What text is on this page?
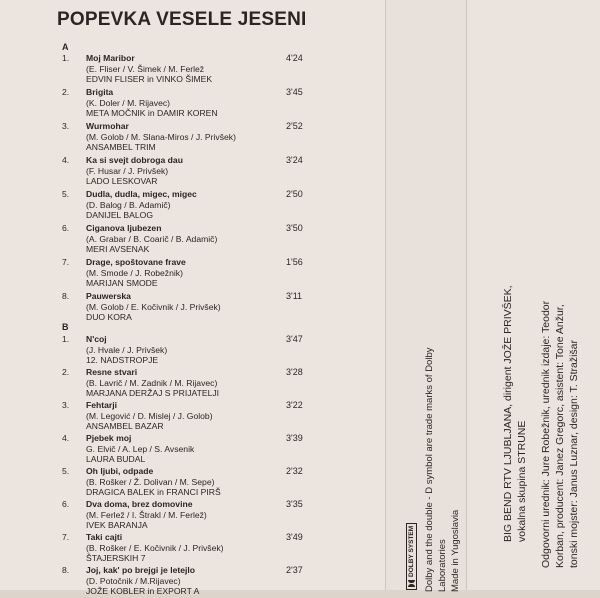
POPEVKA VESELE JESENI
A
1. Moj Maribor
(E. Fliser / V. Šimek / M. Ferlež
EDVIN FLISER in VINKO ŠIMEK
4'24
2. Brigita
(K. Doler / M. Rijavec)
META MOČNIK in DAMIR KOREN
3'45
3. Wurmohar
(M. Golob / M. Slana-Miros / J. Privšek)
ANSAMBEL TRIM
2'52
4. Ka si svejt dobroga dau
(F. Husar / J. Privšek)
LADO LESKOVAR
3'24
5. Dudla, dudla, migec, migec
(D. Balog / B. Adamič)
DANIJEL BALOG
2'50
6. Ciganova ljubezen
(A. Grabar / B. Coarič / B. Adamič)
MERI AVSENAK
3'50
7. Drage, spoštovane frave
(M. Smode / J. Robežnik)
MARIJAN SMODE
1'56
8. Pauwerska
(M. Golob / E. Kočivnik / J. Privšek)
DUO KORA
3'11
B
1. N'coj
(J. Hvale / J. Privšek)
12. NADSTROPJE
3'47
2. Resne stvari
(B. Lavrič / M. Zadnik / M. Rijavec)
MARJANA DERŽAJ S PRIJATELJI
3'28
3. Fehtarji
(M. Legović / D. Mislej / J. Golob)
ANSAMBEL BAZAR
3'22
4. Pjebek moj
G. Elvič / A. Lep / S. Avsenik
LAURA BUDAL
3'39
5. Oh ljubi, odpade
(B. Rošker / Ž. Dolivan / M. Sepe)
DRAGICA BALEK in FRANCI PIRŠ
2'32
6. Dva doma, brez domovine
(M. Ferlež / I. Štrakl / M. Ferlež)
IVEK BARANJA
3'35
7. Taki cajti
(B. Rošker / E. Kočivnik / J. Privšek)
ŠTAJERSKIH 7
3'49
8. Joj, kak' po brejgi je letejlo
(D. Potočnik / M.Rijavec)
JOŽE KOBLER in EXPORT A
2'37	DOLBY SYSTEM Dolby and the double - D symbol are trade marks of Dolby Laboratories Made in Yugoslavia
BIG BEND RTV LJUBLJANA, dirigent JOŽE PRIVŠEK, vokalna skupina STRUNE Odgovorni urednik: Jure Robežnik, urednik izdaje: Teodor Korban, producent: Janez Gregorc, asistent: Tone Anžur, tonski mojster: Janus Luznar, design: T. Stražišar
